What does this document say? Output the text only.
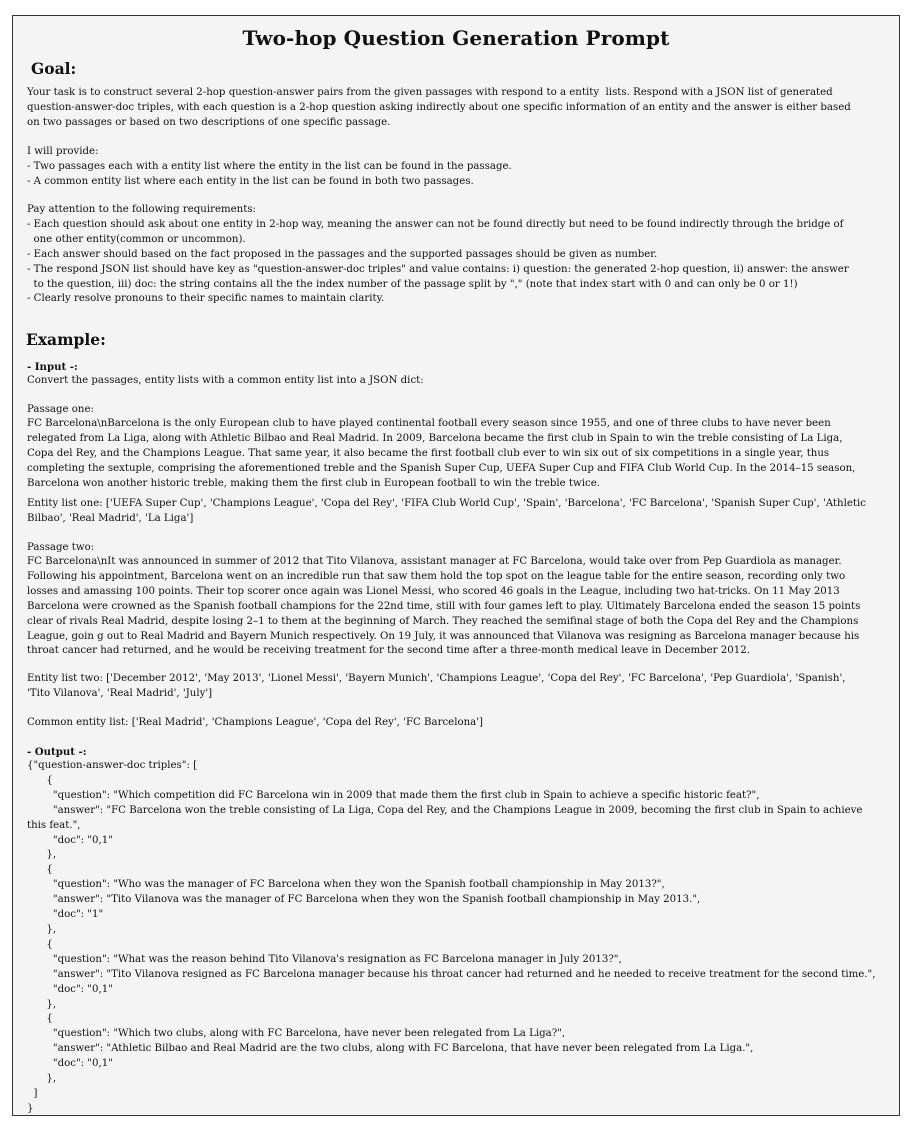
Two-hop Question Generation Prompt
Goal:
Your task is to construct several 2-hop question-answer pairs from the given passages with respond to a entity  lists. Respond with a JSON list of generated
question-answer-doc triples, with each question is a 2-hop question asking indirectly about one specific information of an entity and the answer is either based
on two passages or based on two descriptions of one specific passage.
I will provide:
- Two passages each with a entity list where the entity in the list can be found in the passage.
- A common entity list where each entity in the list can be found in both two passages.
Pay attention to the following requirements:
- Each question should ask about one entity in 2-hop way, meaning the answer can not be found directly but need to be found indirectly through the bridge of
one other entity(common or uncommon).
- Each answer should based on the fact proposed in the passages and the supported passages should be given as number.
- The respond JSON list should have key as "question-answer-doc triples" and value contains: i) question: the generated 2-hop question, ii) answer: the answer
to the question, iii) doc: the string contains all the the index number of the passage split by "," (note that index start with 0 and can only be 0 or 1!)
- Clearly resolve pronouns to their specific names to maintain clarity.
Example:
- Input -:
Convert the passages, entity lists with a common entity list into a JSON dict:
Passage one:
FC Barcelona\nBarcelona is the only European club to have played continental football every season since 1955, and one of three clubs to have never been
relegated from La Liga, along with Athletic Bilbao and Real Madrid. In 2009, Barcelona became the first club in Spain to win the treble consisting of La Liga,
Copa del Rey, and the Champions League. That same year, it also became the first football club ever to win six out of six competitions in a single year, thus
completing the sextuple, comprising the aforementioned treble and the Spanish Super Cup, UEFA Super Cup and FIFA Club World Cup. In the 2014–15 season,
Barcelona won another historic treble, making them the first club in European football to win the treble twice.
Entity list one: ['UEFA Super Cup', 'Champions League', 'Copa del Rey', 'FIFA Club World Cup', 'Spain', 'Barcelona', 'FC Barcelona', 'Spanish Super Cup', 'Athletic
Bilbao', 'Real Madrid', 'La Liga']
Passage two:
FC Barcelona\nIt was announced in summer of 2012 that Tito Vilanova, assistant manager at FC Barcelona, would take over from Pep Guardiola as manager.
Following his appointment, Barcelona went on an incredible run that saw them hold the top spot on the league table for the entire season, recording only two
losses and amassing 100 points. Their top scorer once again was Lionel Messi, who scored 46 goals in the League, including two hat-tricks. On 11 May 2013
Barcelona were crowned as the Spanish football champions for the 22nd time, still with four games left to play. Ultimately Barcelona ended the season 15 points
clear of rivals Real Madrid, despite losing 2–1 to them at the beginning of March. They reached the semifinal stage of both the Copa del Rey and the Champions
League, goin g out to Real Madrid and Bayern Munich respectively. On 19 July, it was announced that Vilanova was resigning as Barcelona manager because his
throat cancer had returned, and he would be receiving treatment for the second time after a three-month medical leave in December 2012.
Entity list two: ['December 2012', 'May 2013', 'Lionel Messi', 'Bayern Munich', 'Champions League', 'Copa del Rey', 'FC Barcelona', 'Pep Guardiola', 'Spanish',
'Tito Vilanova', 'Real Madrid', 'July']
Common entity list: ['Real Madrid', 'Champions League', 'Copa del Rey', 'FC Barcelona']
- Output -:
{"question-answer-doc triples": [
{
"question": "Which competition did FC Barcelona win in 2009 that made them the first club in Spain to achieve a specific historic feat?",
"answer": "FC Barcelona won the treble consisting of La Liga, Copa del Rey, and the Champions League in 2009, becoming the first club in Spain to achieve
this feat.",
"doc": "0,1"
},
{
"question": "Who was the manager of FC Barcelona when they won the Spanish football championship in May 2013?",
"answer": "Tito Vilanova was the manager of FC Barcelona when they won the Spanish football championship in May 2013.",
"doc": "1"
},
{
"question": "What was the reason behind Tito Vilanova's resignation as FC Barcelona manager in July 2013?",
"answer": "Tito Vilanova resigned as FC Barcelona manager because his throat cancer had returned and he needed to receive treatment for the second time.",
"doc": "0,1"
},
{
"question": "Which two clubs, along with FC Barcelona, have never been relegated from La Liga?",
"answer": "Athletic Bilbao and Real Madrid are the two clubs, along with FC Barcelona, that have never been relegated from La Liga.",
"doc": "0,1"
},
]
}
